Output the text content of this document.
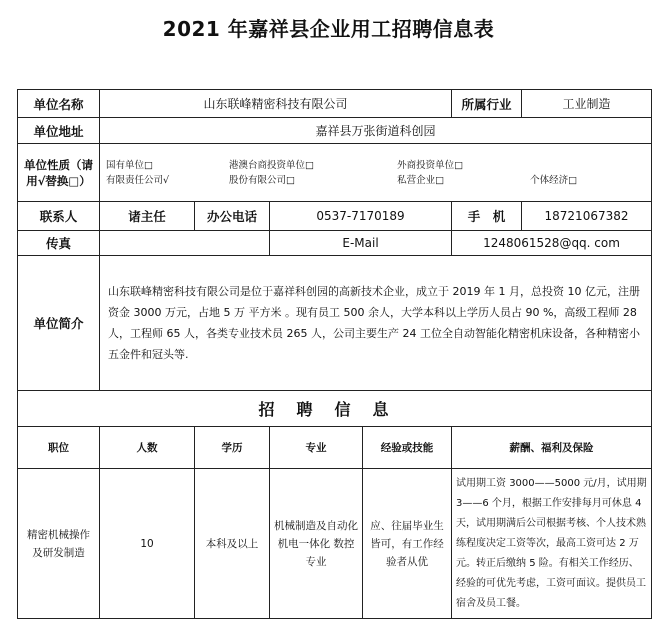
2021 年嘉祥县企业用工招聘信息表
单位名称	山东联峰精密科技有限公司				所属行业	工业制造
单位地址	嘉祥县万张街道科创园					
单位性质（请用√替换□）	国有单位□ 港澳台商投资单位□ 外商投资单位□
有限责任公司√ 股份有限公司□ 私营企业□ 个体经济□					

联系人	诸主任	办公电话	0537-7170189		手　机	18721067382
传真			E-Mail		1248061528@qq. com	
单位简介	山东联峰精密科技有限公司是位于嘉祥科创园的高新技术企业，成立于 2019 年 1 月，总投资 10 亿元，注册资金 3000 万元，占地 5 万 平方米 。现有员工 500 余人，大学本科以上学历人员占 90 %，高级工程师 28 人，工程师 65 人，各类专业技术员 265 人，公司主要生产 24 工位全自动智能化精密机床设备，各种精密小五金件和冠头等.					
招聘信息						
职位	人数	学历	专业	经验或技能	薪酬、福利及保险	
精密机械操作及研发制造	10	本科及以上	机械制造及自动化 机电一体化 数控专业	应、往届毕业生皆可，有工作经验者从优	试用期工资 3000——5000 元/月，试用期 3——6 个月，根据工作安排每月可休息 4 天，试用期满后公司根据考核、个人技术熟练程度决定工资等次，最高工资可达 2 万元。转正后缴纳 5 险。有相关工作经历、经验的可优先考虑，工资可面议。提供员工宿舍及员工餐。	
